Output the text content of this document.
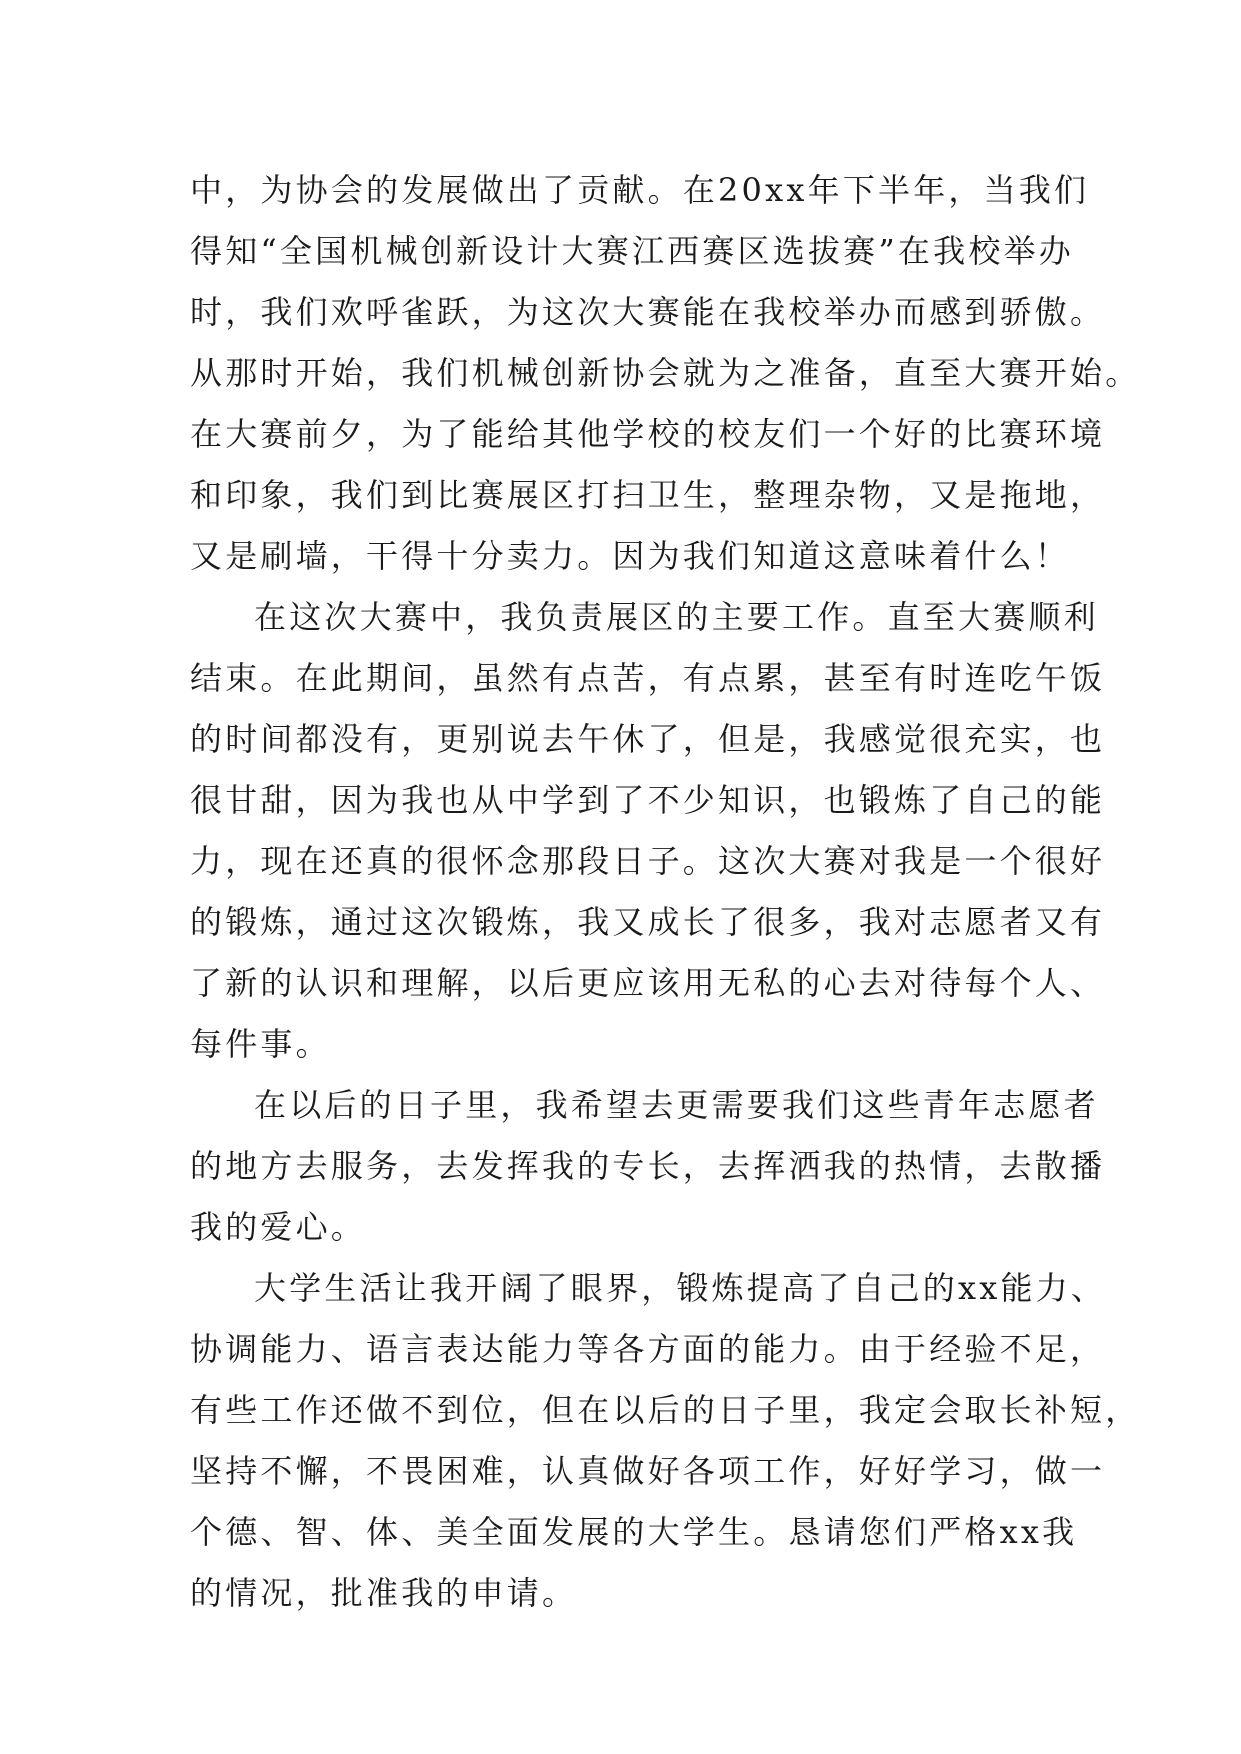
中，为协会的发展做出了贡献。在20xx年下半年，当我们
得知“全国机械创新设计大赛江西赛区选拔赛”在我校举办
时，我们欢呼雀跃，为这次大赛能在我校举办而感到骄傲。
从那时开始，我们机械创新协会就为之准备，直至大赛开始。
在大赛前夕，为了能给其他学校的校友们一个好的比赛环境
和印象，我们到比赛展区打扫卫生，整理杂物，又是拖地，
又是刷墙，干得十分卖力。因为我们知道这意味着什么！
在这次大赛中，我负责展区的主要工作。直至大赛顺利
结束。在此期间，虽然有点苦，有点累，甚至有时连吃午饭
的时间都没有，更别说去午休了，但是，我感觉很充实，也
很甘甜，因为我也从中学到了不少知识，也锻炼了自己的能
力，现在还真的很怀念那段日子。这次大赛对我是一个很好
的锻炼，通过这次锻炼，我又成长了很多，我对志愿者又有
了新的认识和理解，以后更应该用无私的心去对待每个人、
每件事。
在以后的日子里，我希望去更需要我们这些青年志愿者
的地方去服务，去发挥我的专长，去挥洒我的热情，去散播
我的爱心。
大学生活让我开阔了眼界，锻炼提高了自己的xx能力、
协调能力、语言表达能力等各方面的能力。由于经验不足，
有些工作还做不到位，但在以后的日子里，我定会取长补短，
坚持不懈，不畏困难，认真做好各项工作，好好学习，做一
个德、智、体、美全面发展的大学生。恳请您们严格xx我
的情况，批准我的申请。
